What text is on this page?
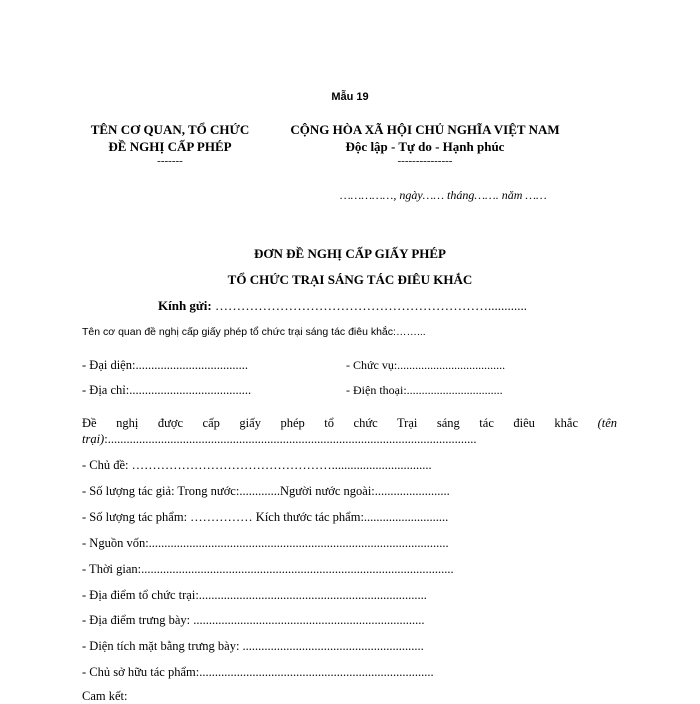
Mẫu 19
TÊN CƠ QUAN, TỔ CHỨC
ĐỀ NGHỊ CẤP PHÉP
-------
CỘNG HÒA XÃ HỘI CHỦ NGHĨA VIỆT NAM
Độc lập - Tự do - Hạnh phúc
---------------
……………, ngày…… tháng……. năm ……
ĐƠN ĐỀ NGHỊ CẤP GIẤY PHÉP
TỔ CHỨC TRẠI SÁNG TÁC ĐIÊU KHẮC
Kính gửi: ………………………………………………………............
Tên cơ quan đề nghị cấp giấy phép tổ chức trại sáng tác điêu khắc:……...
- Đại diện:....................................	- Chức vụ:....................................
- Địa chỉ:.......................................	- Điện thoại:................................
Đề nghị được cấp giấy phép tổ chức Trại sáng tác điêu khắc (tên
trại):......................................................................................................................
- Chủ đề: …………………………………………................................
- Số lượng tác giả: Trong nước:.............Người nước ngoài:........................
- Số lượng tác phẩm: …………… Kích thước tác phẩm:...........................
- Nguồn vốn:................................................................................................
- Thời gian:....................................................................................................
- Địa điểm tổ chức trại:.........................................................................
- Địa điểm trưng bày: ..........................................................................
- Diện tích mặt bằng trưng bày: ..........................................................
- Chủ sở hữu tác phẩm:...........................................................................
Cam kết:
